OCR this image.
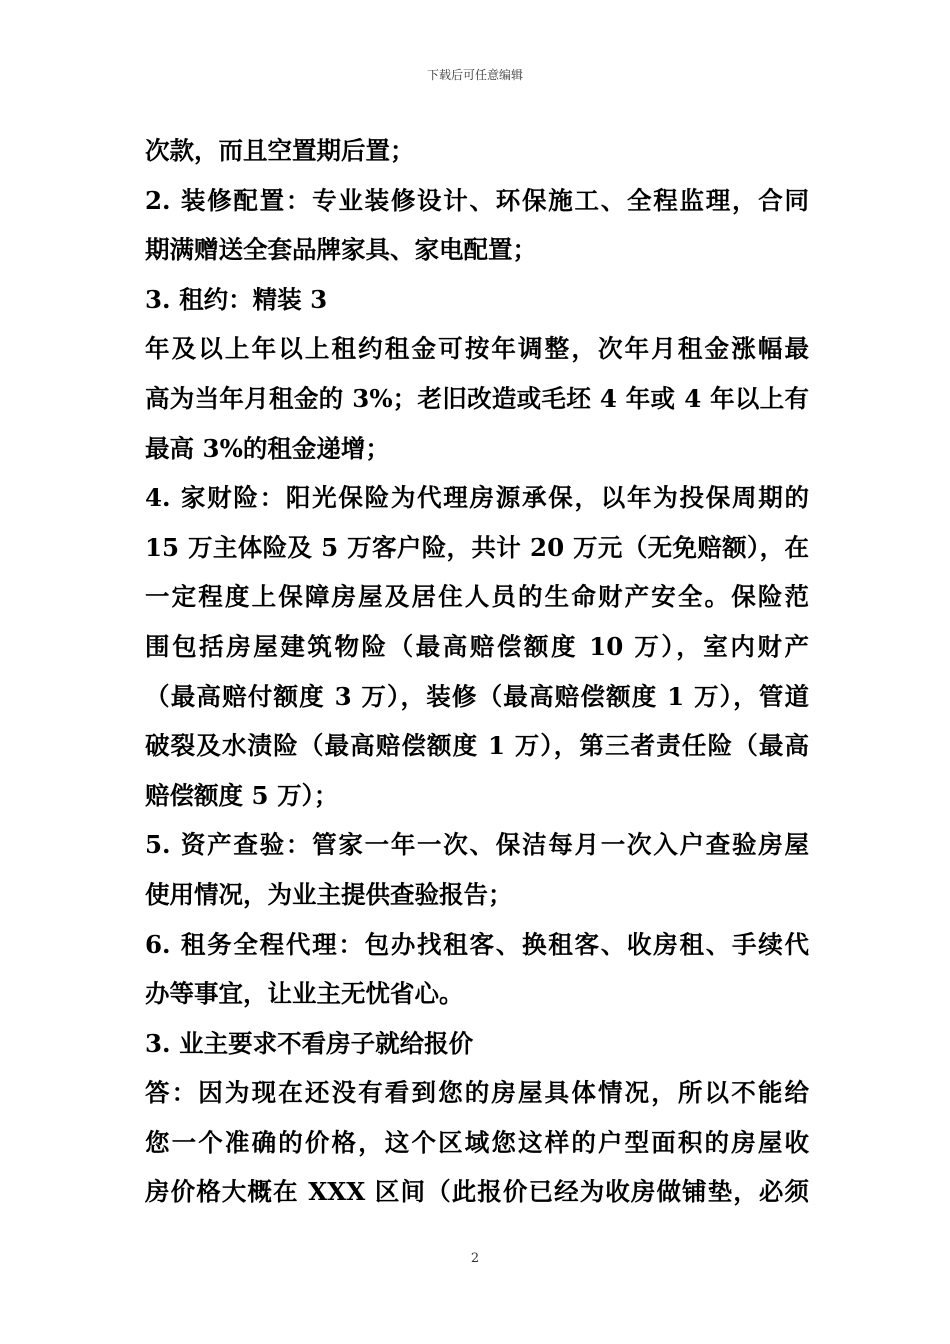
下载后可任意编辑
次款，而且空置期后置；
2. 装修配置：专业装修设计、环保施工、全程监理，合同
期满赠送全套品牌家具、家电配置；
3. 租约：精装 3
年及以上年以上租约租金可按年调整，次年月租金涨幅最
高为当年月租金的 3%；老旧改造或毛坯 4 年或 4 年以上有
最高 3%的租金递增；
4. 家财险：阳光保险为代理房源承保，以年为投保周期的
15 万主体险及 5 万客户险，共计 20 万元（无免赔额），在
一定程度上保障房屋及居住人员的生命财产安全。保险范
围包括房屋建筑物险（最高赔偿额度 10 万），室内财产
（最高赔付额度 3 万），装修（最高赔偿额度 1 万），管道
破裂及水渍险（最高赔偿额度 1 万），第三者责任险（最高
赔偿额度 5 万）；
5. 资产查验：管家一年一次、保洁每月一次入户查验房屋
使用情况，为业主提供查验报告；
6. 租务全程代理：包办找租客、换租客、收房租、手续代
办等事宜，让业主无忧省心。
3. 业主要求不看房子就给报价
答：因为现在还没有看到您的房屋具体情况，所以不能给
您一个准确的价格，这个区域您这样的户型面积的房屋收
房价格大概在 XXX 区间（此报价已经为收房做铺垫，必须
2
